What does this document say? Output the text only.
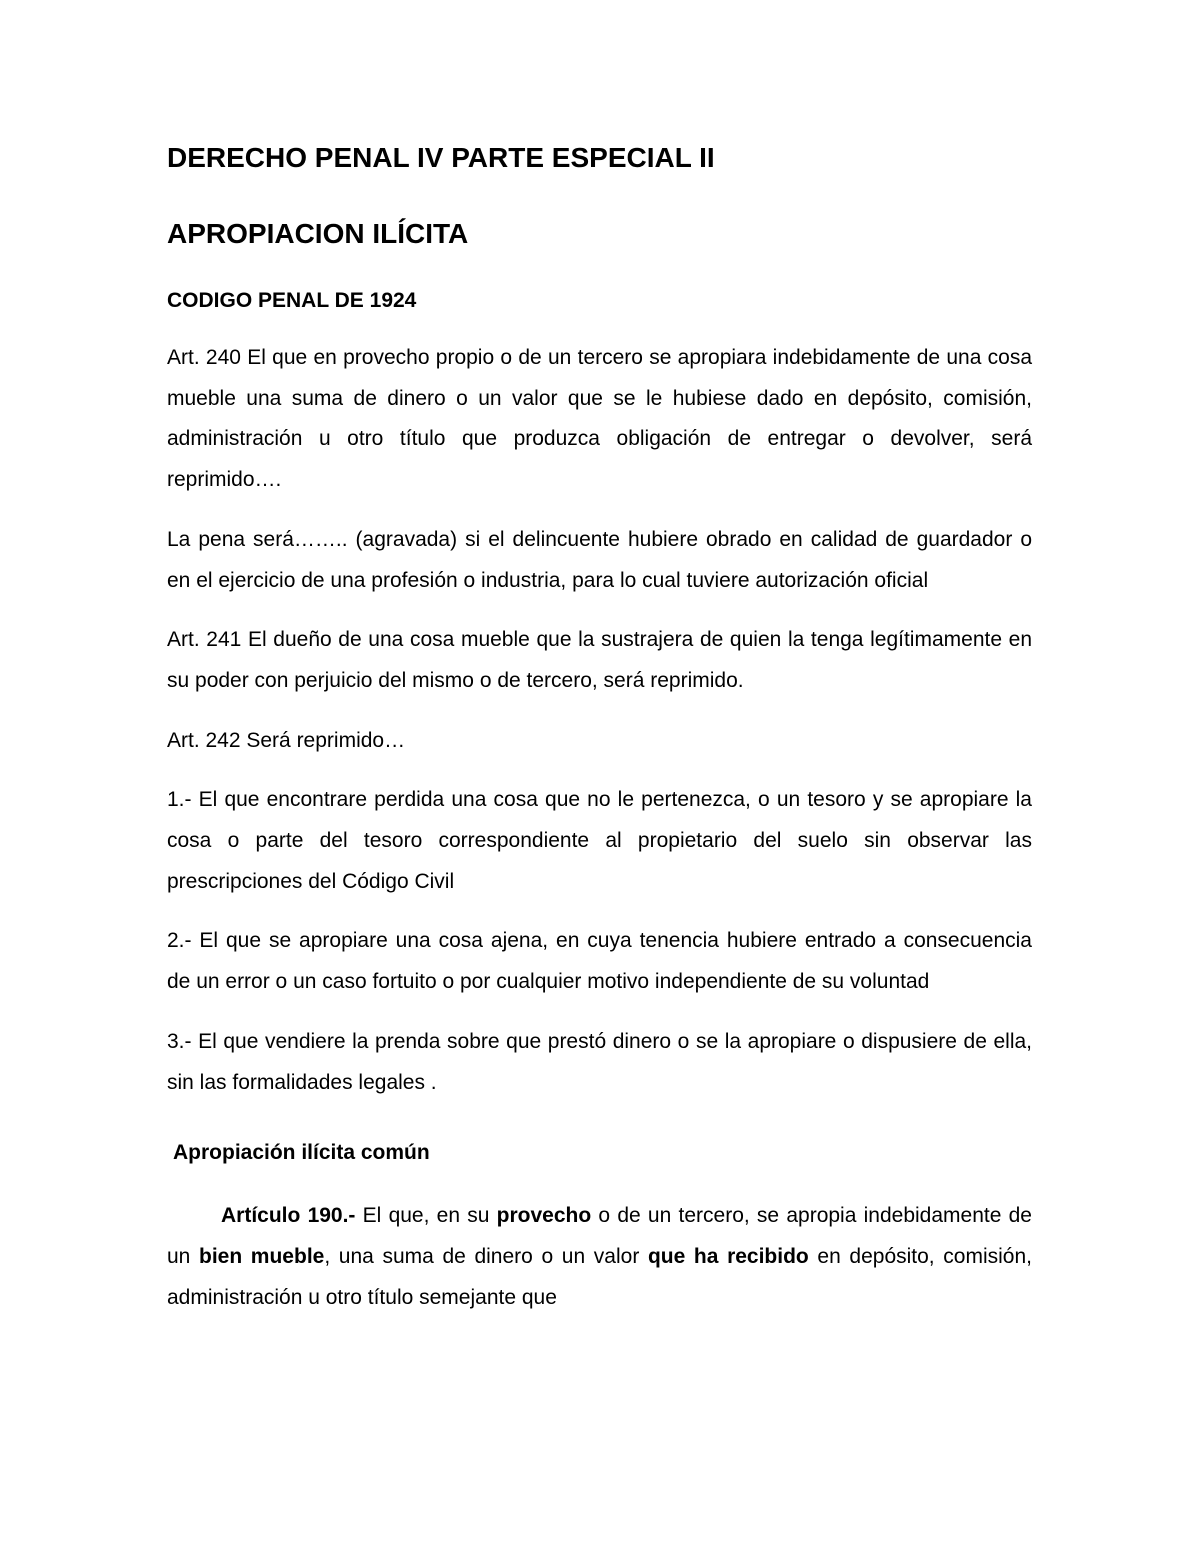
DERECHO PENAL IV PARTE ESPECIAL II
APROPIACION ILÍCITA
CODIGO PENAL DE 1924

Art. 240 El que en provecho propio o de un tercero se apropiara indebidamente de una cosa mueble una suma de dinero o un valor que se le hubiese dado en depósito, comisión, administración u otro título que produzca obligación de entregar o devolver, será reprimido….

La pena será…….. (agravada) si el delincuente hubiere obrado en calidad de guardador o en el ejercicio de una profesión o industria, para lo cual tuviere autorización oficial

Art. 241 El dueño de una cosa mueble que la sustrajera de quien la tenga legítimamente en su poder con perjuicio del mismo o de tercero, será reprimido.

Art. 242 Será reprimido…

1.- El que encontrare perdida una cosa que no le pertenezca, o un tesoro y se apropiare la cosa o parte del tesoro correspondiente al propietario del suelo sin observar las prescripciones del Código Civil

2.- El que se apropiare una cosa ajena, en cuya tenencia hubiere entrado a consecuencia de un error o un caso fortuito o por cualquier motivo independiente de su voluntad

3.- El que vendiere la prenda sobre que prestó dinero o se la apropiare o dispusiere de ella, sin las formalidades legales .

Apropiación ilícita común

Artículo 190.- El que, en su provecho o de un tercero, se apropia indebidamente de un bien mueble, una suma de dinero o un valor que ha recibido en depósito, comisión, administración u otro título semejante que
